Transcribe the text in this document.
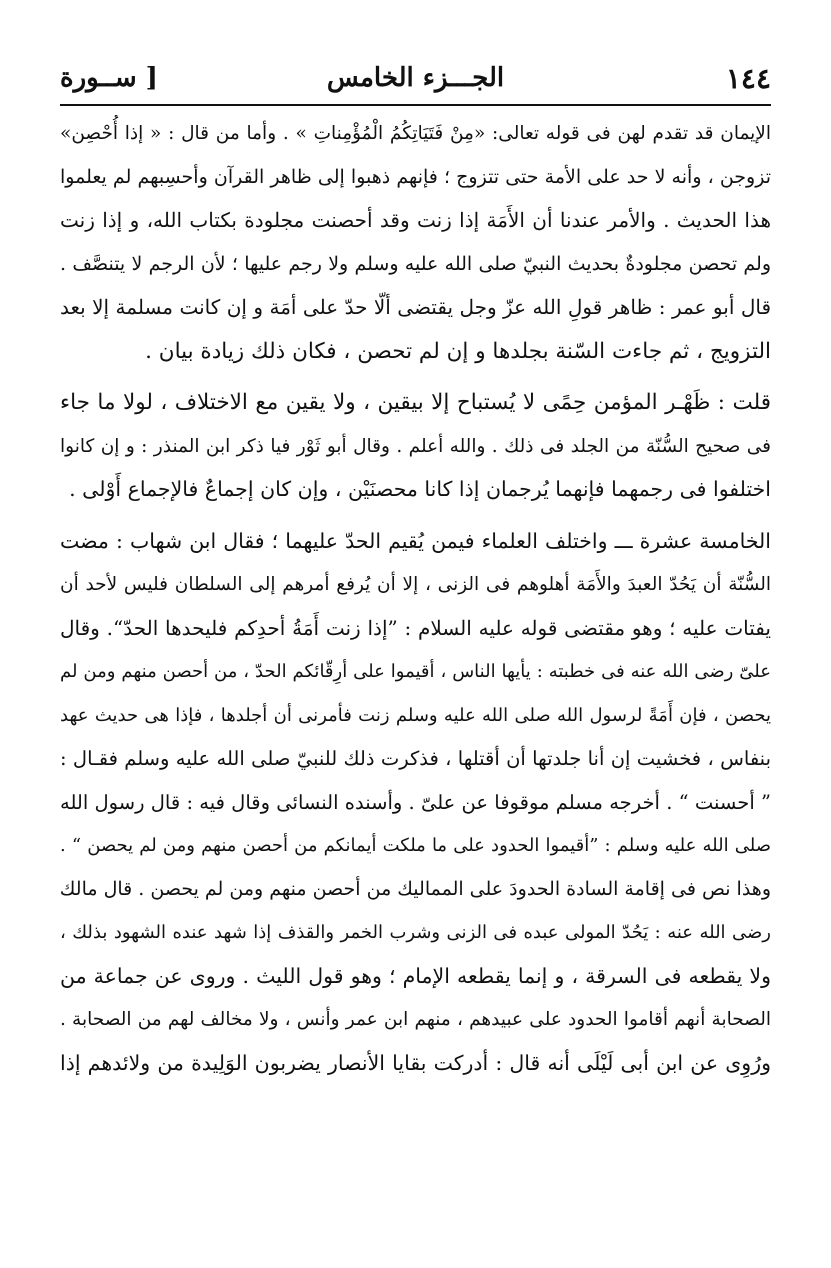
١٤٤
الجـــزء الخامس
[ ســورة
الإيمان قد تقدم لهن فى قوله تعالى: «مِنْ فَتَيَاتِكُمُ الْمُؤْمِناتِ » . وأما من قال : « إذا أُحْصِن»
تزوجن ، وأنه لا حد على الأمة حتى تتزوج ؛ فإنهم ذهبوا إلى ظاهر القرآن وأحسِبهم لم يعلموا
هذا الحديث . والأمر عندنا أن الأَمَة إذا زنت وقد أحصنت مجلودة بكتاب الله، و إذا زنت
ولم تحصن مجلودةٌ بحديث النبيّ صلى الله عليه وسلم ولا رجم عليها ؛ لأن الرجم لا يتنصَّف .
قال أبو عمر : ظاهر قولِ الله عزّ وجل يقتضى ألّا حدّ على أمَة و إن كانت مسلمة إلا بعد
التزويج ، ثم جاءت السّنة بجلدها و إن لم تحصن ، فكان ذلك زيادة بيان .
قلت : ظَهْـر المؤمن حِمًى لا يُستباح إلا بيقين ، ولا يقين مع الاختلاف ، لولا ما جاء
فى صحيح السُّنّة من الجلد فى ذلك . والله أعلم . وقال أبو ثَوْر فيا ذكر ابن المنذر : و إن كانوا
اختلفوا فى رجمهما فإنهما يُرجمان إذا كانا محصنَيْن ، وإن كان إجماعٌ فالإجماع أَوْلى .
الخامسة عشرة ـــ واختلف العلماء فيمن يُقيم الحدّ عليهما ؛ فقال ابن شهاب : مضت
السُّنّة أن يَحُدّ العبدَ والأَمَة أهلوهم فى الزنى ، إلا أن يُرفع أمرهم إلى السلطان فليس لأحد أن
يفتات عليه ؛ وهو مقتضى قوله عليه السلام : ”إذا زنت أَمَةُ أحدِكم فليحدها الحدّ“. وقال
علىّ رضى الله عنه فى خطبته : يأيها الناس ، أقيموا على أرِقّائكم الحدّ ، من أحصن منهم ومن لم
يحصن ، فإن أَمَةً لرسول الله صلى الله عليه وسلم زنت فأمرنى أن أجلدها ، فإذا هى حديث عهد
بنفاس ، فخشيت إن أنا جلدتها أن أقتلها ، فذكرت ذلك للنبيّ صلى الله عليه وسلم فقـال :
” أحسنت “ . أخرجه مسلم موقوفا عن علىّ . وأسنده النسائى وقال فيه : قال رسول الله
صلى الله عليه وسلم : ”أقيموا الحدود على ما ملكت أيمانكم من أحصن منهم ومن لم يحصن “ .
وهذا نص فى إقامة السادة الحدودَ على المماليك من أحصن منهم ومن لم يحصن . قال مالك
رضى الله عنه : يَحُدّ المولى عبده فى الزنى وشرب الخمر والقذف إذا شهد عنده الشهود بذلك ،
ولا يقطعه فى السرقة ، و إنما يقطعه الإمام ؛ وهو قول الليث . وروى عن جماعة من
الصحابة أنهم أقاموا الحدود على عبيدهم ، منهم ابن عمر وأنس ، ولا مخالف لهم من الصحابة .
ورُوِى عن ابن أبى لَيْلَى أنه قال : أدركت بقايا الأنصار يضربون الوَلِيدة من ولائدهم إذا
